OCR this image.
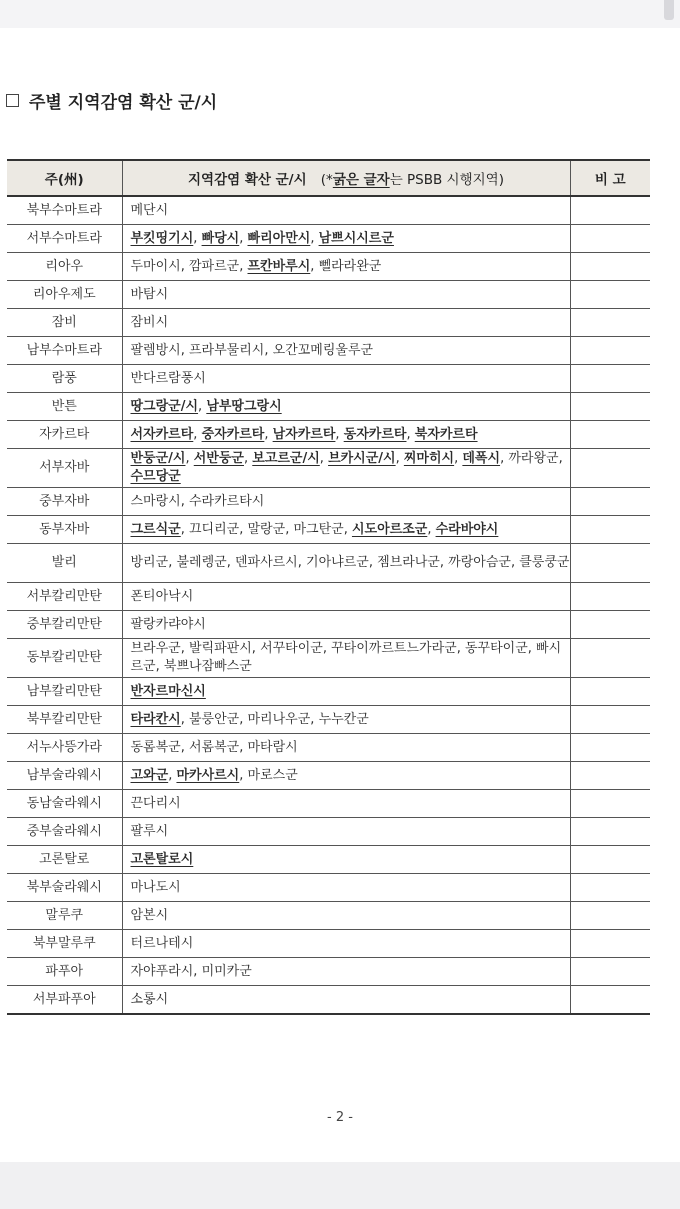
주별 지역감염 확산 군/시
주(州)	지역감염 확산 군/시 (*굵은 글자는 PSBB 시행지역)	비 고
북부수마트라	메단시	
서부수마트라	부킷띵기시, 빠당시, 빠리아만시, 남쁘시시르군	
리아우	두마이시, 깜파르군, 프칸바루시, 뻴라라완군	
리아우제도	바탐시	
잠비	잠비시	
남부수마트라	팔렘방시, 프라부물리시, 오간꼬메링울루군	
람풍	반다르람풍시	
반튼	땅그랑군/시, 남부땅그랑시	
자카르타	서자카르타, 중자카르타, 남자카르타, 동자카르타, 북자카르타	
서부자바	반둥군/시, 서반둥군, 보고르군/시, 브카시군/시, 찌마히시, 데폭시, 까라왕군, 수므당군	
중부자바	스마랑시, 수라카르타시	
동부자바	그르식군, 끄디리군, 말랑군, 마그탄군, 시도아르조군, 수라바야시	
발리	방리군, 불레렝군, 덴파사르시, 기아냐르군, 젬브라나군, 까랑아슴군, 클룽쿵군	
서부칼리만탄	폰티아낙시	
중부칼리만탄	팔랑카랴야시	
동부칼리만탄	브라우군, 발릭파판시, 서꾸타이군, 꾸타이까르트느가라군, 동꾸타이군, 빠시르군, 북쁘나잠빠스군	
남부칼리만탄	반자르마신시	
북부칼리만탄	타라칸시, 불룽안군, 마리나우군, 누누칸군	
서누사뜽가라	동롬복군, 서롬복군, 마타람시	
남부술라웨시	고와군, 마카사르시, 마로스군	
동남술라웨시	끈다리시	
중부술라웨시	팔루시	
고론탈로	고론탈로시	
북부술라웨시	마나도시	
말루쿠	암본시	
북부말루쿠	터르나테시	
파푸아	자야푸라시, 미미카군	
서부파푸아	소롱시	
- 2 -
